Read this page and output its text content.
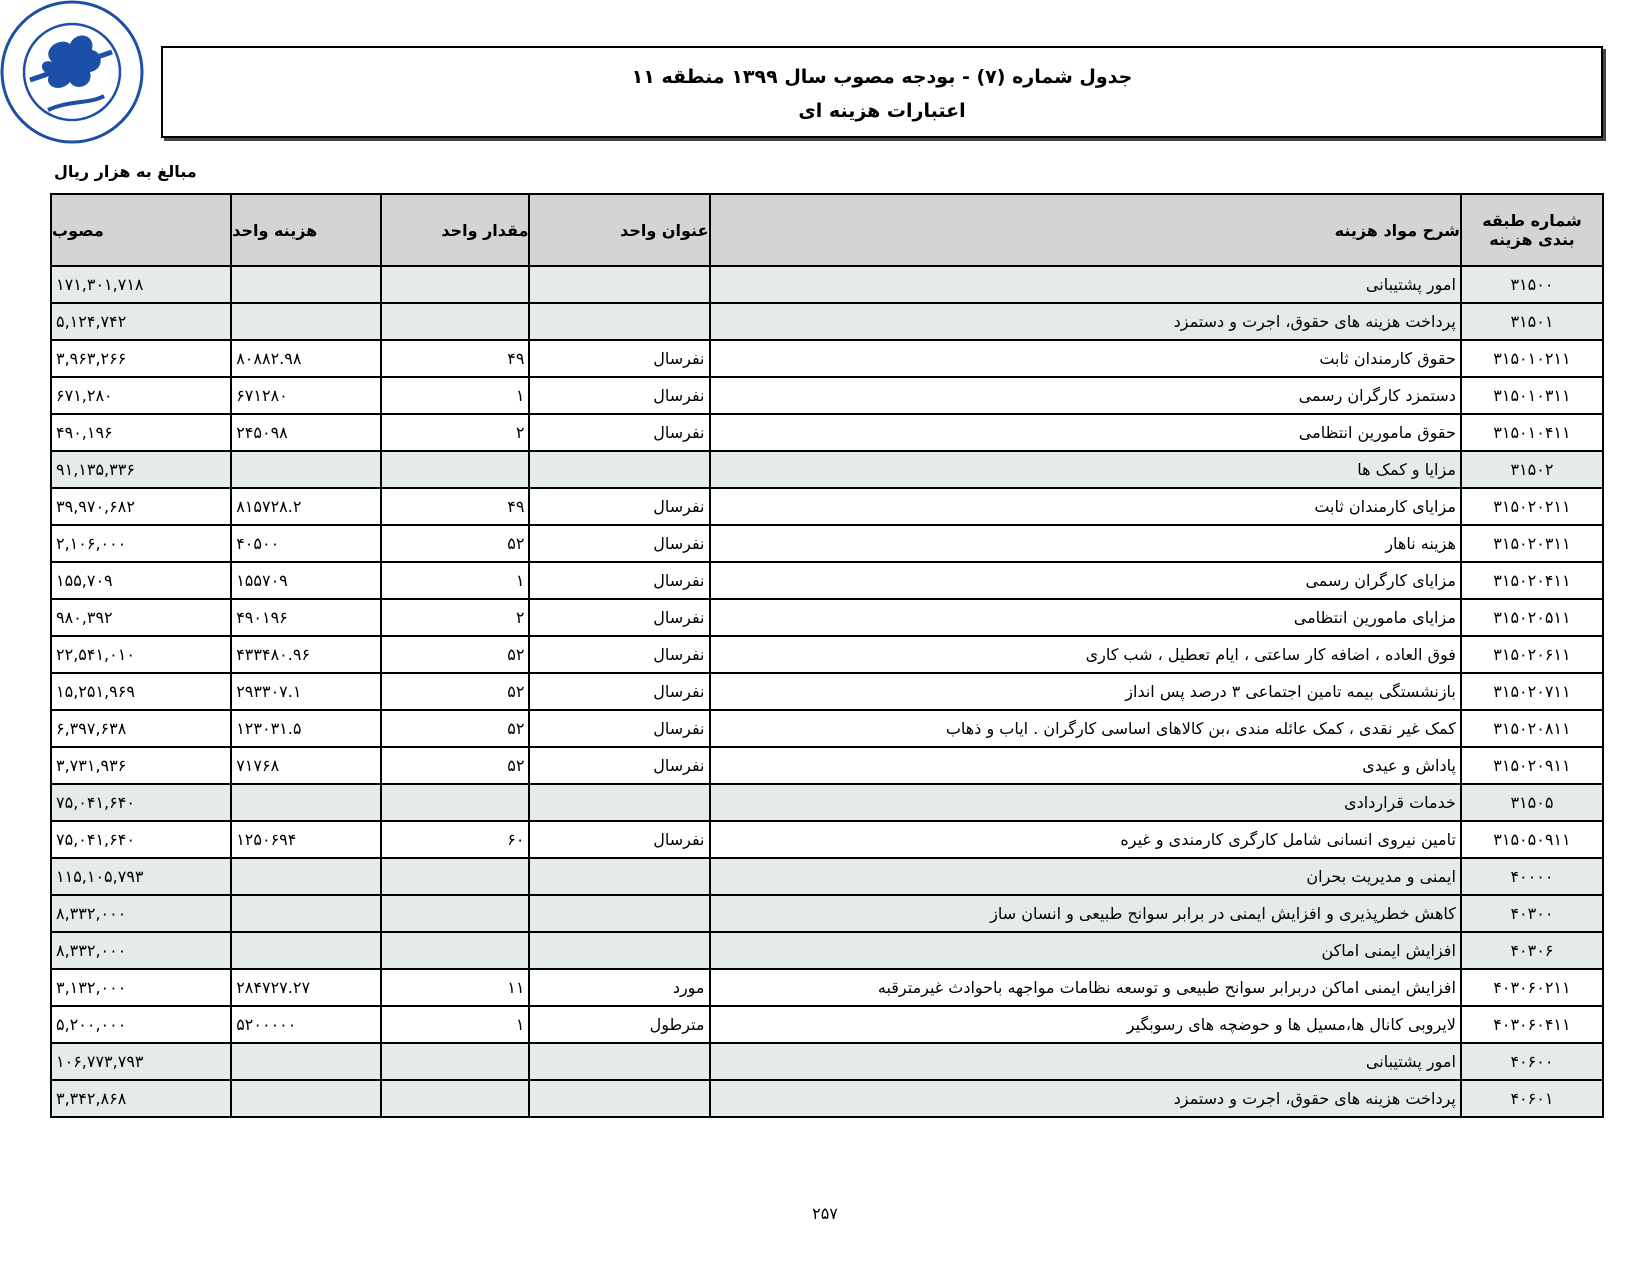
جدول شماره (۷) - بودجه مصوب سال ۱۳۹۹ منطقه ۱۱
اعتبارات هزینه ای
مبالغ به هزار ریال
شماره طبقه بندی هزینه	شرح مواد هزینه	عنوان واحد	مقدار واحد	هزینه واحد	مصوب
۳۱۵۰۰	امور پشتیبانی				۱۷۱,۳۰۱,۷۱۸
۳۱۵۰۱	پرداخت هزینه های حقوق، اجرت و دستمزد				۵,۱۲۴,۷۴۲
۳۱۵۰۱۰۲۱۱	حقوق کارمندان ثابت	نفرسال	۴۹	۸۰۸۸۲.۹۸	۳,۹۶۳,۲۶۶
۳۱۵۰۱۰۳۱۱	دستمزد کارگران رسمی	نفرسال	۱	۶۷۱۲۸۰	۶۷۱,۲۸۰
۳۱۵۰۱۰۴۱۱	حقوق مامورین انتظامی	نفرسال	۲	۲۴۵۰۹۸	۴۹۰,۱۹۶
۳۱۵۰۲	مزایا و کمک ها				۹۱,۱۳۵,۳۳۶
۳۱۵۰۲۰۲۱۱	مزایای کارمندان ثابت	نفرسال	۴۹	۸۱۵۷۲۸.۲	۳۹,۹۷۰,۶۸۲
۳۱۵۰۲۰۳۱۱	هزینه ناهار	نفرسال	۵۲	۴۰۵۰۰	۲,۱۰۶,۰۰۰
۳۱۵۰۲۰۴۱۱	مزایای کارگران رسمی	نفرسال	۱	۱۵۵۷۰۹	۱۵۵,۷۰۹
۳۱۵۰۲۰۵۱۱	مزایای مامورین انتظامی	نفرسال	۲	۴۹۰۱۹۶	۹۸۰,۳۹۲
۳۱۵۰۲۰۶۱۱	فوق العاده ، اضافه کار ساعتی ، ایام تعطیل ، شب کاری	نفرسال	۵۲	۴۳۳۴۸۰.۹۶	۲۲,۵۴۱,۰۱۰
۳۱۵۰۲۰۷۱۱	بازنشستگی بیمه تامین اجتماعی ۳ درصد پس انداز	نفرسال	۵۲	۲۹۳۳۰۷.۱	۱۵,۲۵۱,۹۶۹
۳۱۵۰۲۰۸۱۱	کمک غیر نقدی ، کمک عائله مندی ،بن کالاهای اساسی کارگران . ایاب و ذهاب	نفرسال	۵۲	۱۲۳۰۳۱.۵	۶,۳۹۷,۶۳۸
۳۱۵۰۲۰۹۱۱	پاداش و عیدی	نفرسال	۵۲	۷۱۷۶۸	۳,۷۳۱,۹۳۶
۳۱۵۰۵	خدمات قراردادی				۷۵,۰۴۱,۶۴۰
۳۱۵۰۵۰۹۱۱	تامین نیروی انسانی شامل کارگری کارمندی و غیره	نفرسال	۶۰	۱۲۵۰۶۹۴	۷۵,۰۴۱,۶۴۰
۴۰۰۰۰	ایمنی و مدیریت بحران				۱۱۵,۱۰۵,۷۹۳
۴۰۳۰۰	کاهش خطرپذیری و افزایش ایمنی در برابر سوانح طبیعی و انسان ساز				۸,۳۳۲,۰۰۰
۴۰۳۰۶	افزایش ایمنی اماکن				۸,۳۳۲,۰۰۰
۴۰۳۰۶۰۲۱۱	افزایش ایمنی اماکن دربرابر سوانح طبیعی و توسعه نظامات مواجهه باحوادث غیرمترقبه	مورد	۱۱	۲۸۴۷۲۷.۲۷	۳,۱۳۲,۰۰۰
۴۰۳۰۶۰۴۱۱	لایروبی کانال ها،مسیل ها و حوضچه های رسوبگیر	مترطول	۱	۵۲۰۰۰۰۰	۵,۲۰۰,۰۰۰
۴۰۶۰۰	امور پشتیبانی				۱۰۶,۷۷۳,۷۹۳
۴۰۶۰۱	پرداخت هزینه های حقوق، اجرت و دستمزد				۳,۳۴۲,۸۶۸
۲۵۷
